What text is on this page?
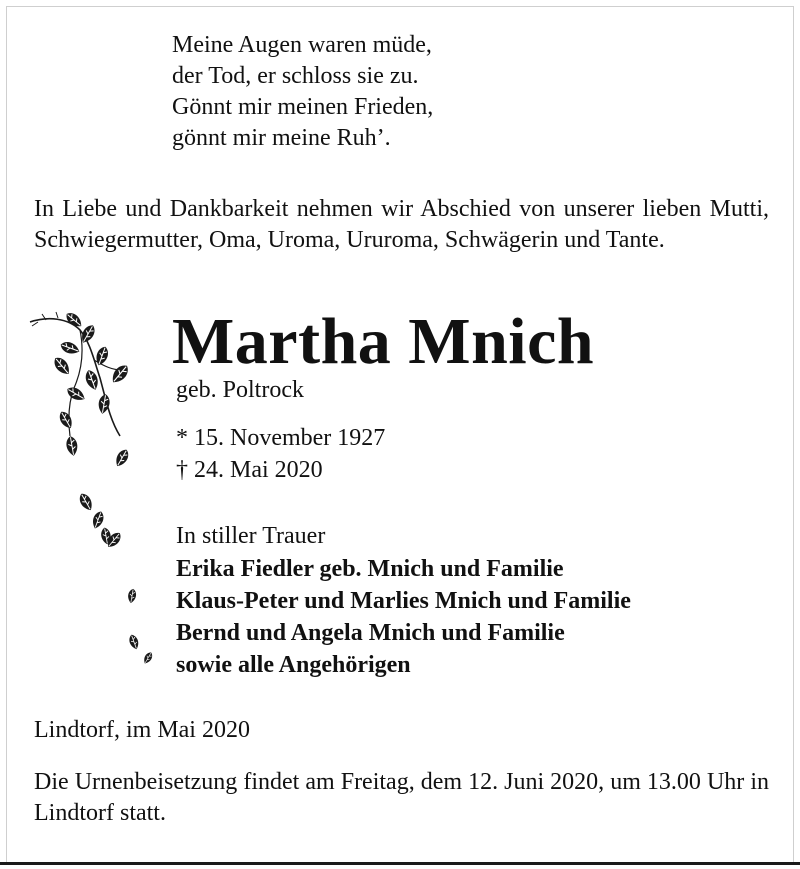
Meine Augen waren müde,
der Tod, er schloss sie zu.
Gönnt mir meinen Frieden,
gönnt mir meine Ruh’.
In Liebe und Dankbarkeit nehmen wir Abschied von unserer lieben Mutti, Schwiegermutter, Oma, Uroma, Ururoma, Schwägerin und Tante.
Martha Mnich
geb. Poltrock
* 15. November 1927
† 24. Mai 2020
In stiller Trauer
Erika Fiedler geb. Mnich und Familie
Klaus-Peter und Marlies Mnich und Familie
Bernd und Angela Mnich und Familie
sowie alle Angehörigen
Lindtorf, im Mai 2020
Die Urnenbeisetzung findet am Freitag, dem 12. Juni 2020, um 13.00 Uhr in Lindtorf statt.
